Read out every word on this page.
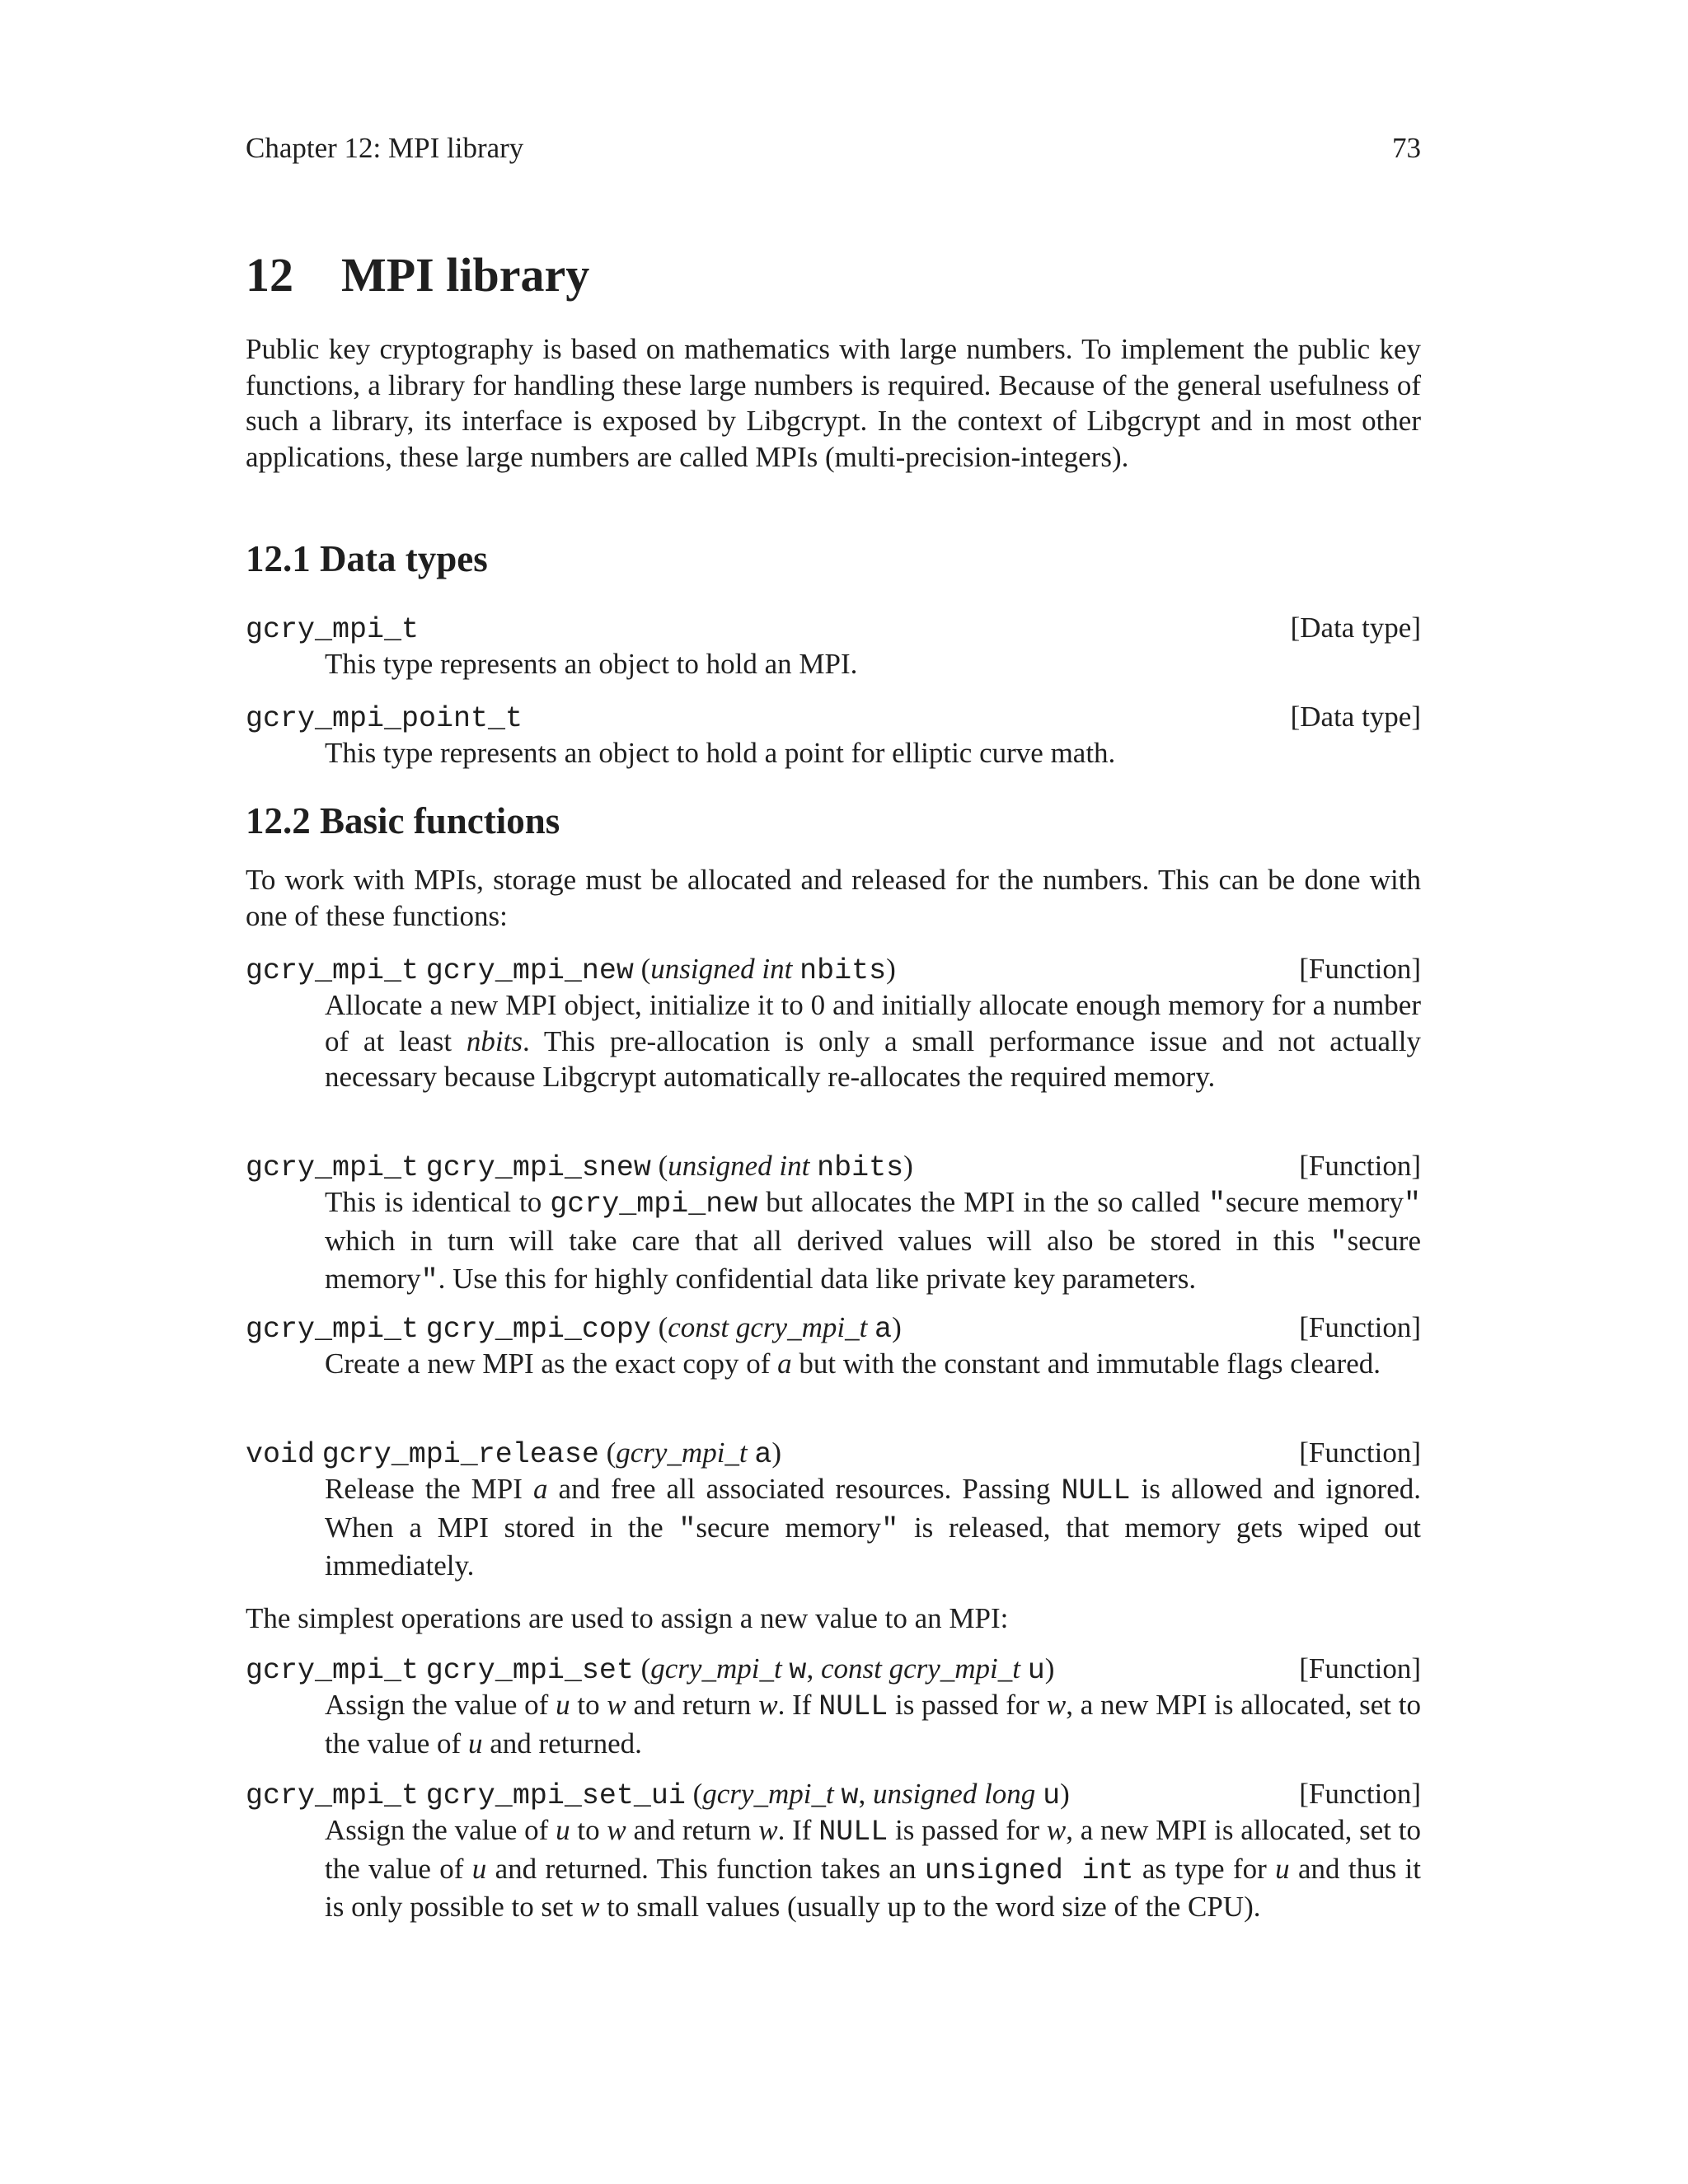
Chapter 12: MPI library	73
12  MPI library

Public key cryptography is based on mathematics with large numbers. To implement the public key functions, a library for handling these large numbers is required. Because of the general usefulness of such a library, its interface is exposed by Libgcrypt. In the context of Libgcrypt and in most other applications, these large numbers are called MPIs (multi-precision-integers).

12.1 Data types
gcry_mpi_t	[Data type]
This type represents an object to hold an MPI.
gcry_mpi_point_t	[Data type]
This type represents an object to hold a point for elliptic curve math.
12.2 Basic functions

To work with MPIs, storage must be allocated and released for the numbers. This can be done with one of these functions:

gcry_mpi_t gcry_mpi_new (unsigned int nbits)	[Function]
Allocate a new MPI object, initialize it to 0 and initially allocate enough memory for a number of at least nbits. This pre-allocation is only a small performance issue and not actually necessary because Libgcrypt automatically re-allocates the required memory.
gcry_mpi_t gcry_mpi_snew (unsigned int nbits)	[Function]
This is identical to gcry_mpi_new but allocates the MPI in the so called "secure memory" which in turn will take care that all derived values will also be stored in this "secure memory". Use this for highly confidential data like private key parameters.
gcry_mpi_t gcry_mpi_copy (const gcry_mpi_t a)	[Function]
Create a new MPI as the exact copy of a but with the constant and immutable flags cleared.
void gcry_mpi_release (gcry_mpi_t a)	[Function]
Release the MPI a and free all associated resources. Passing NULL is allowed and ignored. When a MPI stored in the "secure memory" is released, that memory gets wiped out immediately.

The simplest operations are used to assign a new value to an MPI:

gcry_mpi_t gcry_mpi_set (gcry_mpi_t w, const gcry_mpi_t u)	[Function]
Assign the value of u to w and return w. If NULL is passed for w, a new MPI is allocated, set to the value of u and returned.
gcry_mpi_t gcry_mpi_set_ui (gcry_mpi_t w, unsigned long u)	[Function]
Assign the value of u to w and return w. If NULL is passed for w, a new MPI is allocated, set to the value of u and returned. This function takes an unsigned int as type for u and thus it is only possible to set w to small values (usually up to the word size of the CPU).
